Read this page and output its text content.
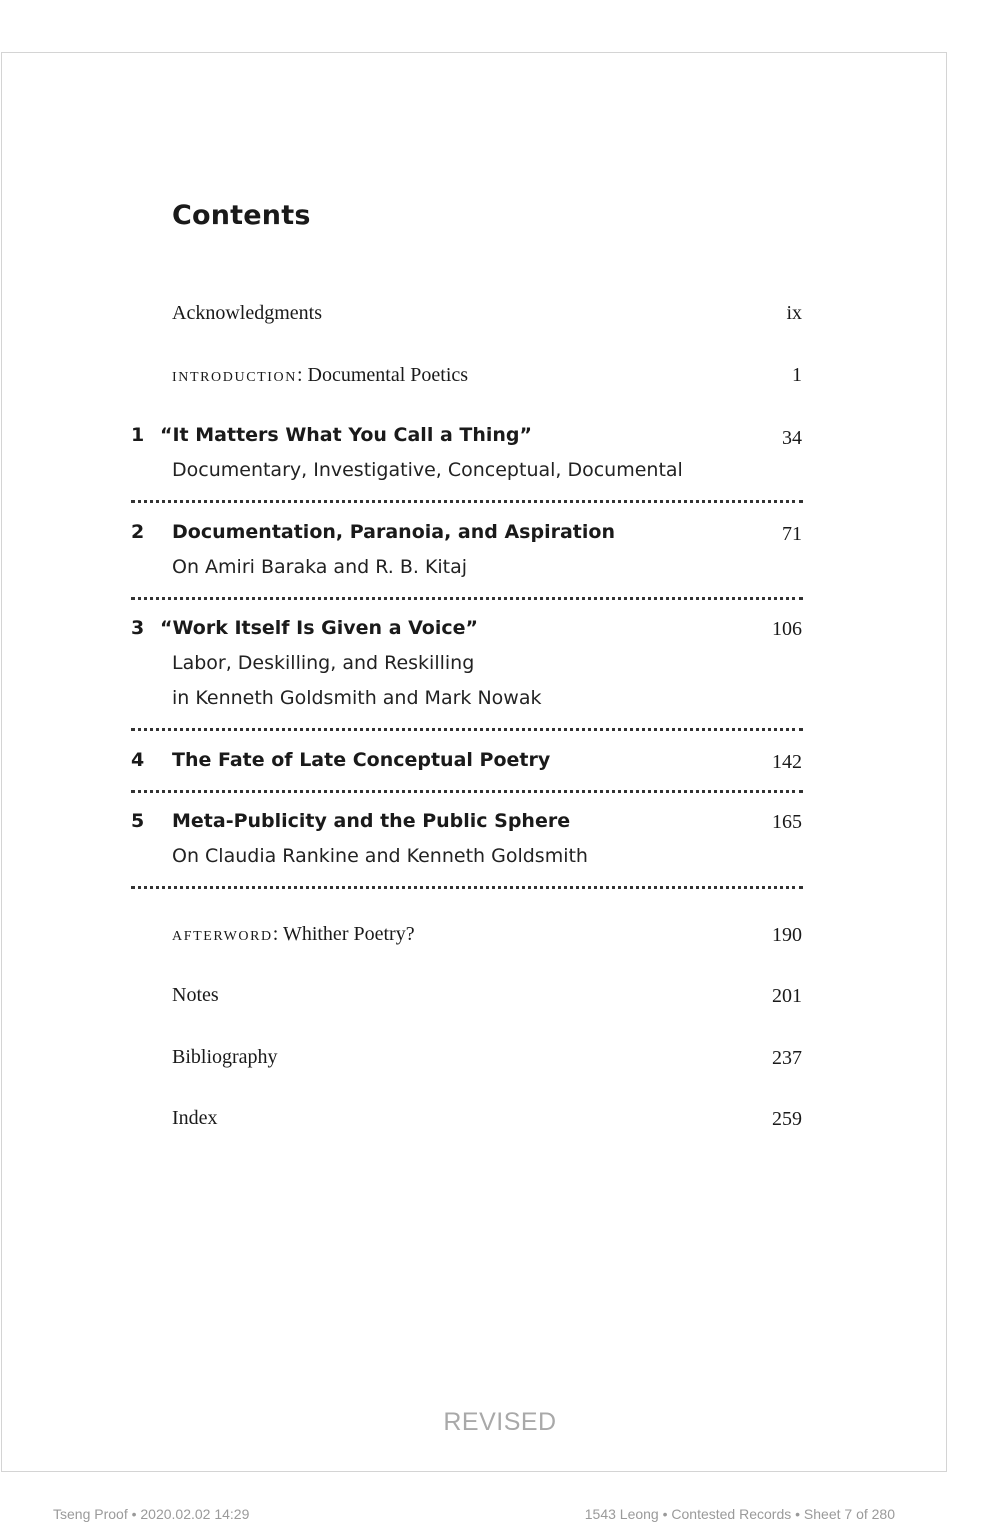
Contents
Acknowledgments	ix
introduction: Documental Poetics	1
1 “It Matters What You Call a Thing”	34
Documentary, Investigative, Conceptual, Documental
2 Documentation, Paranoia, and Aspiration	71
On Amiri Baraka and R. B. Kitaj
3 “Work Itself Is Given a Voice”	106
Labor, Deskilling, and Reskilling
in Kenneth Goldsmith and Mark Nowak
4 The Fate of Late Conceptual Poetry	142
5 Meta-Publicity and the Public Sphere	165
On Claudia Rankine and Kenneth Goldsmith
afterword: Whither Poetry?	190
Notes	201
Bibliography	237
Index	259
REVISED
Tseng Proof • 2020.02.02 14:29	1543 Leong • Contested Records • Sheet 7 of 280
